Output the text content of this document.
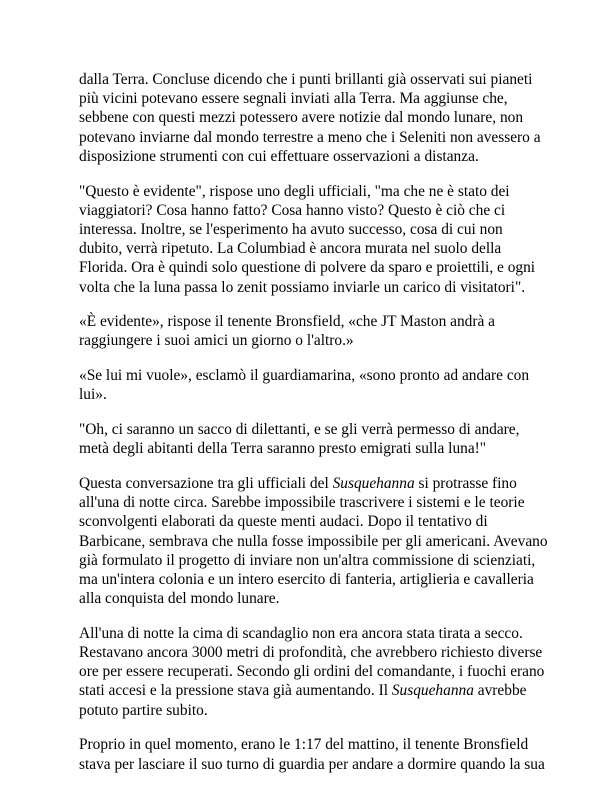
dalla Terra. Concluse dicendo che i punti brillanti già osservati sui pianeti
più vicini potevano essere segnali inviati alla Terra. Ma aggiunse che,
sebbene con questi mezzi potessero avere notizie dal mondo lunare, non
potevano inviarne dal mondo terrestre a meno che i Seleniti non avessero a
disposizione strumenti con cui effettuare osservazioni a distanza.

"Questo è evidente", rispose uno degli ufficiali, "ma che ne è stato dei
viaggiatori? Cosa hanno fatto? Cosa hanno visto? Questo è ciò che ci
interessa. Inoltre, se l'esperimento ha avuto successo, cosa di cui non
dubito, verrà ripetuto. La Columbiad è ancora murata nel suolo della
Florida. Ora è quindi solo questione di polvere da sparo e proiettili, e ogni
volta che la luna passa lo zenit possiamo inviarle un carico di visitatori".

«È evidente», rispose il tenente Bronsfield, «che JT Maston andrà a
raggiungere i suoi amici un giorno o l'altro.»

«Se lui mi vuole», esclamò il guardiamarina, «sono pronto ad andare con
lui».

"Oh, ci saranno un sacco di dilettanti, e se gli verrà permesso di andare,
metà degli abitanti della Terra saranno presto emigrati sulla luna!"

Questa conversazione tra gli ufficiali del Susquehanna si protrasse fino
all'una di notte circa. Sarebbe impossibile trascrivere i sistemi e le teorie
sconvolgenti elaborati da queste menti audaci. Dopo il tentativo di
Barbicane, sembrava che nulla fosse impossibile per gli americani. Avevano
già formulato il progetto di inviare non un'altra commissione di scienziati,
ma un'intera colonia e un intero esercito di fanteria, artiglieria e cavalleria
alla conquista del mondo lunare.

All'una di notte la cima di scandaglio non era ancora stata tirata a secco.
Restavano ancora 3000 metri di profondità, che avrebbero richiesto diverse
ore per essere recuperati. Secondo gli ordini del comandante, i fuochi erano
stati accesi e la pressione stava già aumentando. Il Susquehanna avrebbe
potuto partire subito.

Proprio in quel momento, erano le 1:17 del mattino, il tenente Bronsfield
stava per lasciare il suo turno di guardia per andare a dormire quando la sua
